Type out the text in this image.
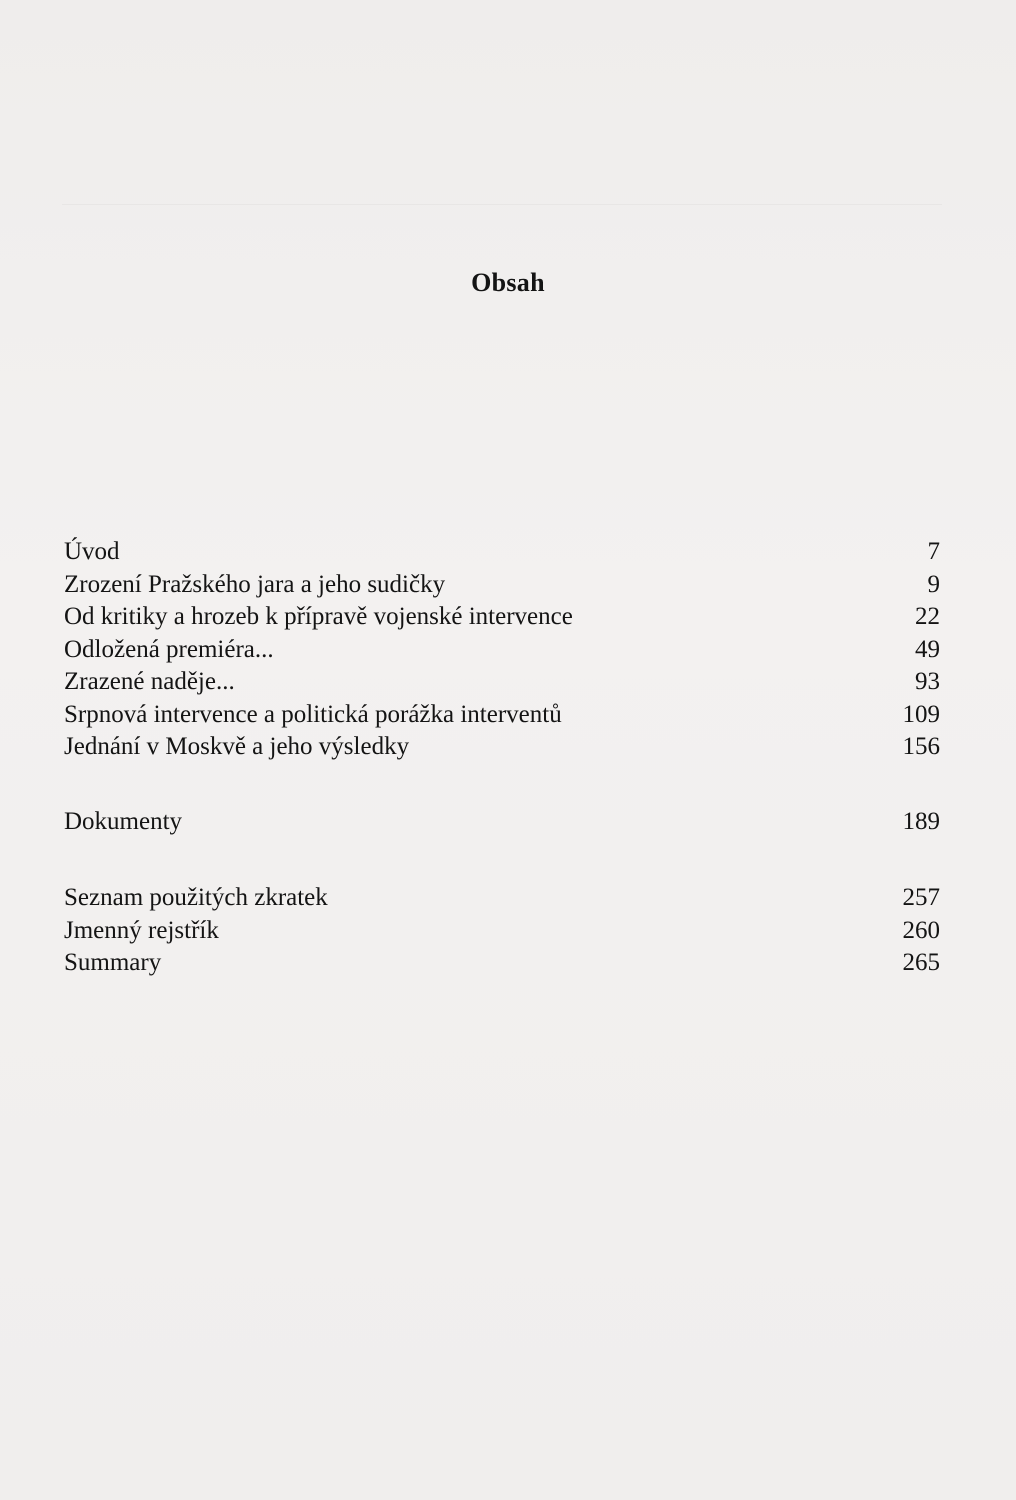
Obsah
Úvod	7
Zrození Pražského jara a jeho sudičky	9
Od kritiky a hrozeb k přípravě vojenské intervence	22
Odložená premiéra...	49
Zrazené naděje...	93
Srpnová intervence a politická porážka interventů	109
Jednání v Moskvě a jeho výsledky	156
Dokumenty	189
Seznam použitých zkratek	257
Jmenný rejstřík	260
Summary	265
